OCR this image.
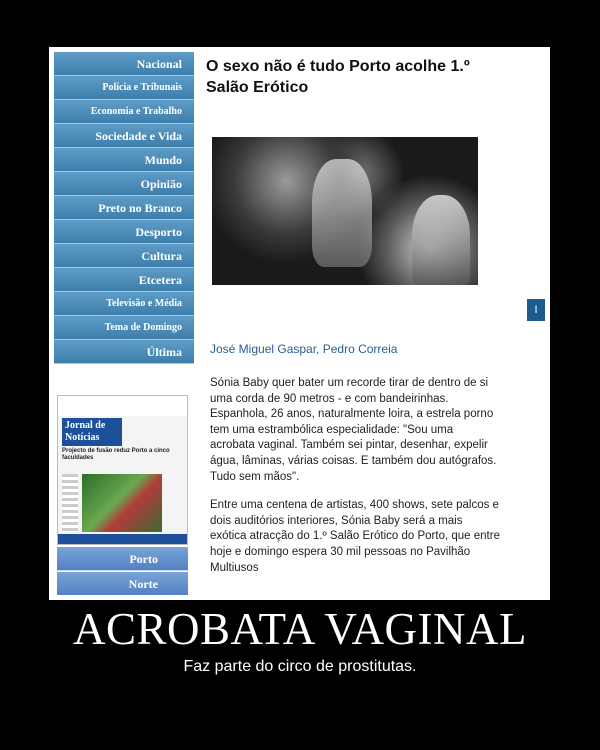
Nacional
Polícia e Tribunais
Economia e Trabalho
Sociedade e Vida
Mundo
Opinião
Preto no Branco
Desporto
Cultura
Etcetera
Televisão e Média
Tema de Domingo
Última
Jornal de Notícias
Projecto de fusão reduz Porto a cinco faculdades
Porto
Norte
O sexo não é tudo Porto acolhe 1.º Salão Erótico
I
José Miguel Gaspar, Pedro Correia

Sónia Baby quer bater um recorde tirar de dentro de si uma corda de 90 metros - e com bandeirinhas. Espanhola, 26 anos, naturalmente loira, a estrela porno tem uma estrambólica especialidade: "Sou uma acrobata vaginal. Também sei pintar, desenhar, expelir água, lâminas, várias coisas. E também dou autógrafos. Tudo sem mãos".

Entre uma centena de artistas, 400 shows, sete palcos e dois auditórios interiores, Sónia Baby será a mais exótica atracção do 1.º Salão Erótico do Porto, que entre hoje e domingo espera 30 mil pessoas no Pavilhão Multiusos

ACROBATA VAGINAL
Faz parte do circo de prostitutas.
